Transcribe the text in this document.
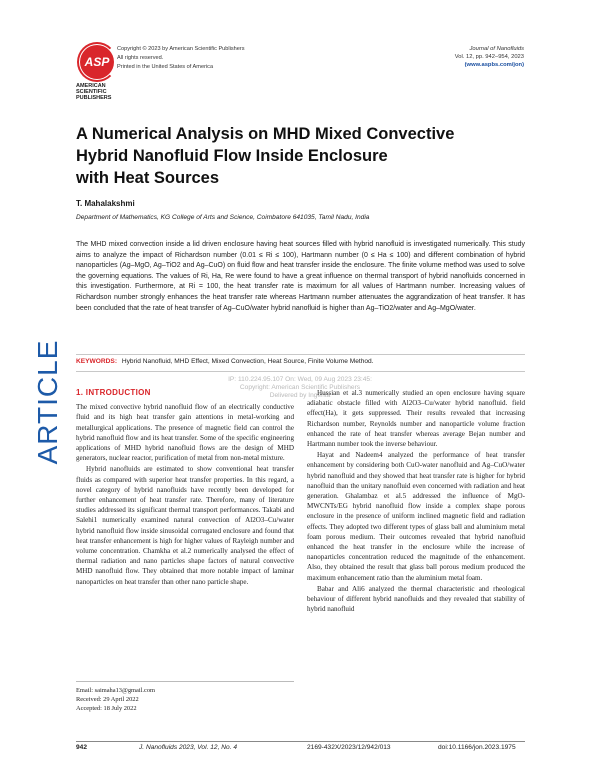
ASP
AMERICAN
SCIENTIFIC
PUBLISHERS
Copyright © 2023 by American Scientific Publishers
All rights reserved.
Printed in the United States of America
Journal of Nanofluids
Vol. 12, pp. 942–954, 2023
(www.aspbs.com/jon)
A Numerical Analysis on MHD Mixed Convective
Hybrid Nanofluid Flow Inside Enclosure
with Heat Sources
T. Mahalakshmi
Department of Mathematics, KG College of Arts and Science, Coimbatore 641035, Tamil Nadu, India
The MHD mixed convection inside a lid driven enclosure having heat sources filled with hybrid nanofluid is investigated numerically. This study aims to analyze the impact of Richardson number (0.01 ≤ Ri ≤ 100), Hartmann number (0 ≤ Ha ≤ 100) and different combination of hybrid nanoparticles (Ag–MgO, Ag–TiO2 and Ag–CuO) on fluid flow and heat transfer inside the enclosure. The finite volume method was used to solve the governing equations. The values of Ri, Ha, Re were found to have a great influence on thermal transport of hybrid nanofluids concerned in this investigation. Furthermore, at Ri = 100, the heat transfer rate is maximum for all values of Hartmann number. Increasing values of Richardson number strongly enhances the heat transfer rate whereas Hartmann number attenuates the aggrandization of heat transfer. It has been concluded that the rate of heat transfer of Ag–CuO/water hybrid nanofluid is higher than Ag–TiO2/water and Ag–MgO/water.
ARTICLE KEYWORDS: Hybrid Nanofluid, MHD Effect, Mixed Convection, Heat Source, Finite Volume Method.
IP: 110.224.95.107 On: Wed, 09 Aug 2023 23:45:
Copyright: American Scientific Publishers
Delivered by Ingenta
1. INTRODUCTION

The mixed convective hybrid nanofluid flow of an electrically conductive fluid and its high heat transfer gain attentions in metal-working and metallurgical applications. The presence of magnetic field can control the hybrid nanofluid flow and its heat transfer. Some of the specific engineering applications of MHD hybrid nanofluid flows are the design of MHD generators, nuclear reactor, purification of metal from non-metal mixture.

Hybrid nanofluids are estimated to show conventional heat transfer fluids as compared with superior heat transfer properties. In this regard, a novel category of hybrid nanofluids have recently been developed for further enhancement of heat transfer rate. Therefore, many of literature studies addressed its significant thermal transport performances. Takabi and Salehi1 numerically examined natural convection of Al2O3–Cu/water hybrid nanofluid flow inside sinusoidal corrugated enclosure and found that heat transfer enhancement is high for higher values of Rayleigh number and volume concentration. Chamkha et al.2 numerically analysed the effect of thermal radiation and nano particles shape factors of natural convective MHD nanofluid flow. They obtained that more notable impact of laminar nanoparticles on heat transfer than other nano particle shape.

Hussian et al.3 numerically studied an open enclosure having square adiabatic obstacle filled with Al2O3–Cu/water hybrid nanofluid. field effect(Ha), it gets suppressed. Their results revealed that increasing Richardson number, Reynolds number and nanoparticle volume fraction enhanced the rate of heat transfer whereas average Bejan number and Hartmann number took the inverse behaviour.

Hayat and Nadeem4 analyzed the performance of heat transfer enhancement by considering both CuO-water nanofluid and Ag–CuO/water hybrid nanofluid and they showed that heat transfer rate is higher for hybrid nanofluid than the unitary nanofluid even concerned with radiation and heat generation. Ghalambaz et al.5 addressed the influence of MgO-MWCNTs/EG hybrid nanofluid flow inside a complex shape porous enclosure in the presence of uniform inclined magnetic field and radiation effects. They adopted two different types of glass ball and aluminium metal foam porous medium. Their outcomes revealed that hybrid nanofluid enhanced the heat transfer in the enclosure while the increase of nanoparticles concentration reduced the magnitude of the enhancement. Also, they obtained the result that glass ball porous medium produced the maximum enhancement ratio than the aluminium metal foam.

Babar and Ali6 analyzed the thermal characteristic and rheological behaviour of different hybrid nanofluids and they revealed that stability of hybrid nanofluid

Email: saimaha13@gmail.com
Received: 29 April 2022
Accepted: 18 July 2022
942	J. Nanofluids 2023, Vol. 12, No. 4	2169-432X/2023/12/942/013	doi:10.1166/jon.2023.1975
